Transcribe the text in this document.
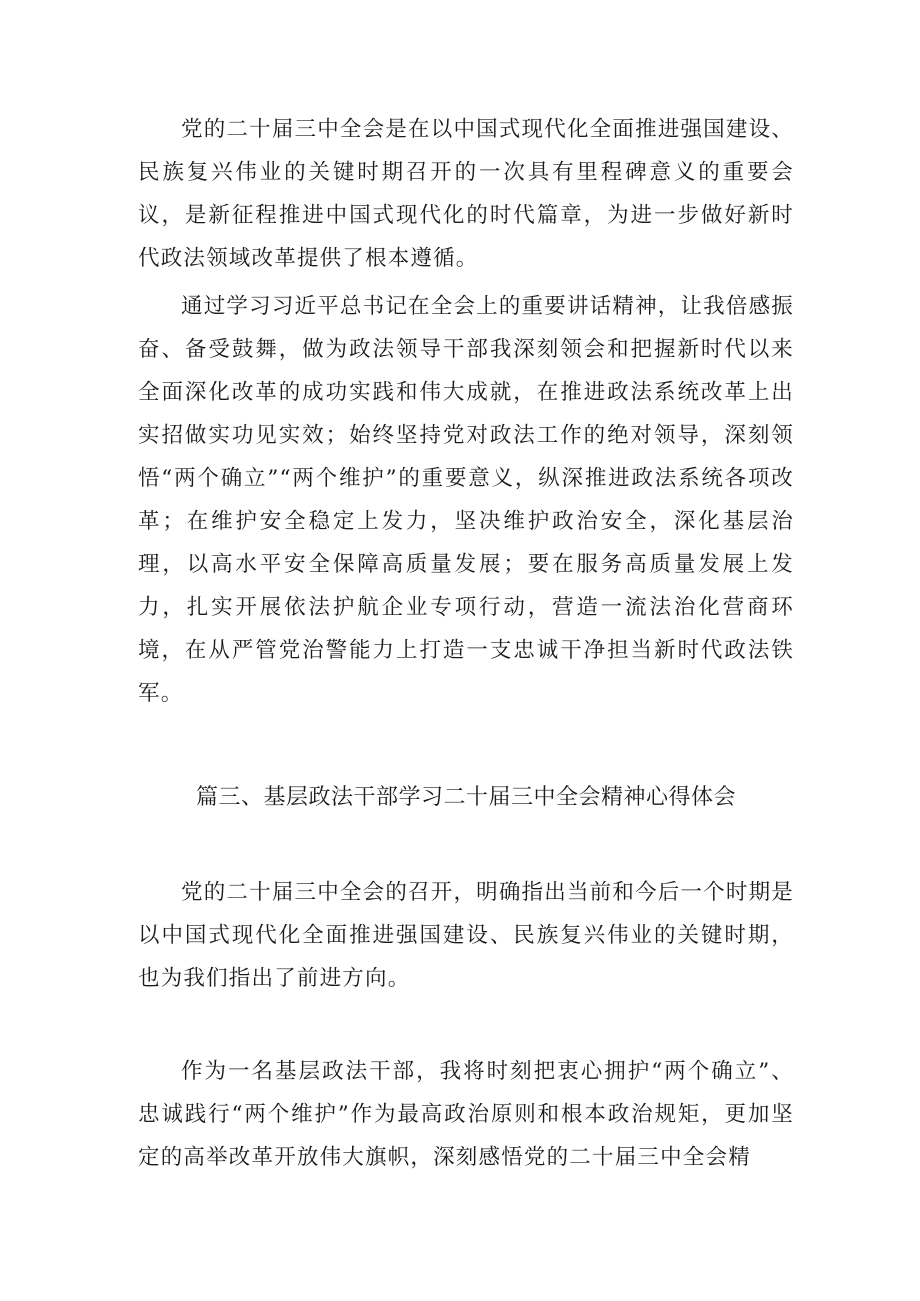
党的二十届三中全会是在以中国式现代化全面推进强国建设、民族复兴伟业的关键时期召开的一次具有里程碑意义的重要会议，是新征程推进中国式现代化的时代篇章，为进一步做好新时代政法领域改革提供了根本遵循。

通过学习习近平总书记在全会上的重要讲话精神，让我倍感振奋、备受鼓舞，做为政法领导干部我深刻领会和把握新时代以来全面深化改革的成功实践和伟大成就，在推进政法系统改革上出实招做实功见实效；始终坚持党对政法工作的绝对领导，深刻领悟“两个确立”“两个维护”的重要意义，纵深推进政法系统各项改革；在维护安全稳定上发力，坚决维护政治安全，深化基层治理，以高水平安全保障高质量发展；要在服务高质量发展上发力，扎实开展依法护航企业专项行动，营造一流法治化营商环境，在从严管党治警能力上打造一支忠诚干净担当新时代政法铁军。

篇三、基层政法干部学习二十届三中全会精神心得体会

党的二十届三中全会的召开，明确指出当前和今后一个时期是以中国式现代化全面推进强国建设、民族复兴伟业的关键时期，也为我们指出了前进方向。

作为一名基层政法干部，我将时刻把衷心拥护“两个确立”、忠诚践行“两个维护”作为最高政治原则和根本政治规矩，更加坚定的高举改革开放伟大旗帜，深刻感悟党的二十届三中全会精
